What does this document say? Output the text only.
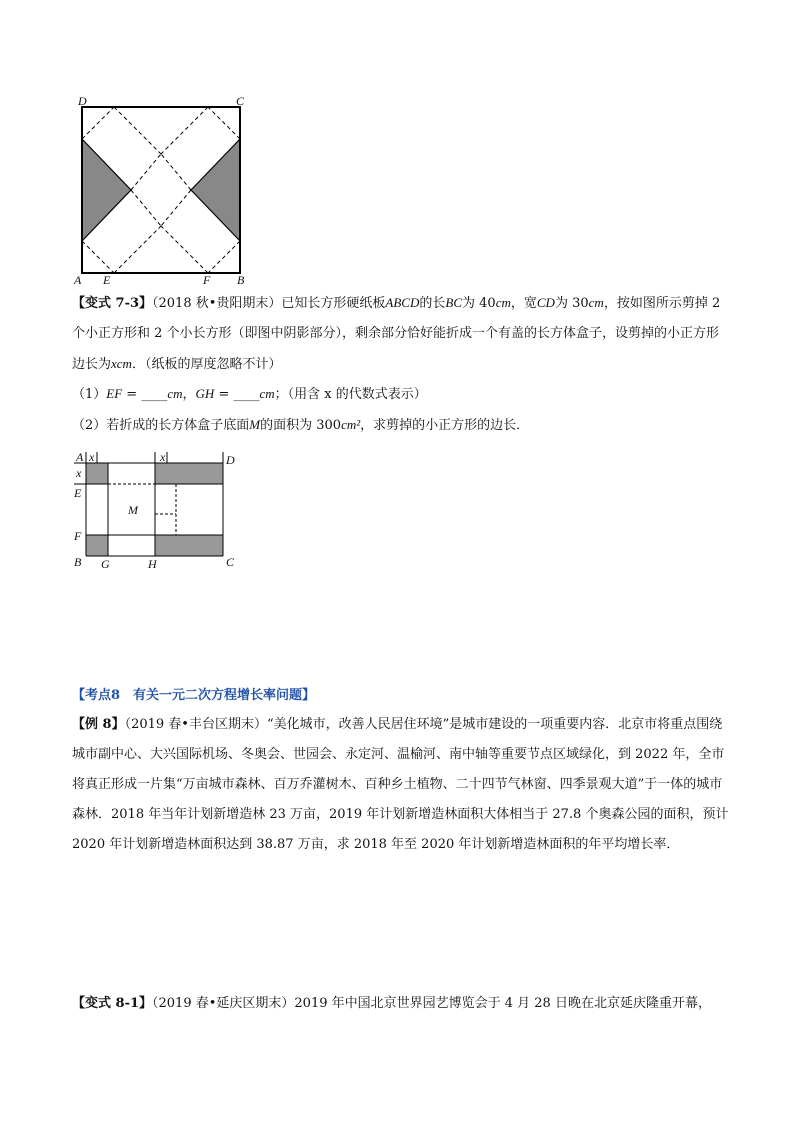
D	C
A E	F B
【变式 7-3】（2018 秋•贵阳期末）已知长方形硬纸板ABCD的长BC为 40cm，宽CD为 30cm，按如图所示剪掉 2 个小正方形和 2 个小长方形（即图中阴影部分），剩余部分恰好能折成一个有盖的长方体盒子，设剪掉的小正方形边长为xcm．（纸板的厚度忽略不计）
（1）EF = ____cm，GH = ____cm；（用含 x 的代数式表示）
（2）若折成的长方体盒子底面M的面积为 300cm²，求剪掉的小正方形的边长．
A x	x	D
x
E
M
F
B G	H	C
【考点8　有关一元二次方程增长率问题】
【例 8】（2019 春•丰台区期末）“美化城市，改善人民居住环境”是城市建设的一项重要内容．北京市将重点围绕城市副中心、大兴国际机场、冬奥会、世园会、永定河、温榆河、南中轴等重要节点区域绿化，到 2022 年，全市将真正形成一片集“万亩城市森林、百万乔灌树木、百种乡土植物、二十四节气林窗、四季景观大道”于一体的城市森林．2018 年当年计划新增造林 23 万亩，2019 年计划新增造林面积大体相当于 27.8 个奥森公园的面积，预计 2020 年计划新增造林面积达到 38.87 万亩，求 2018 年至 2020 年计划新增造林面积的年平均增长率．
【变式 8-1】（2019 春•延庆区期末）2019 年中国北京世界园艺博览会于 4 月 28 日晚在北京延庆隆重开幕，
